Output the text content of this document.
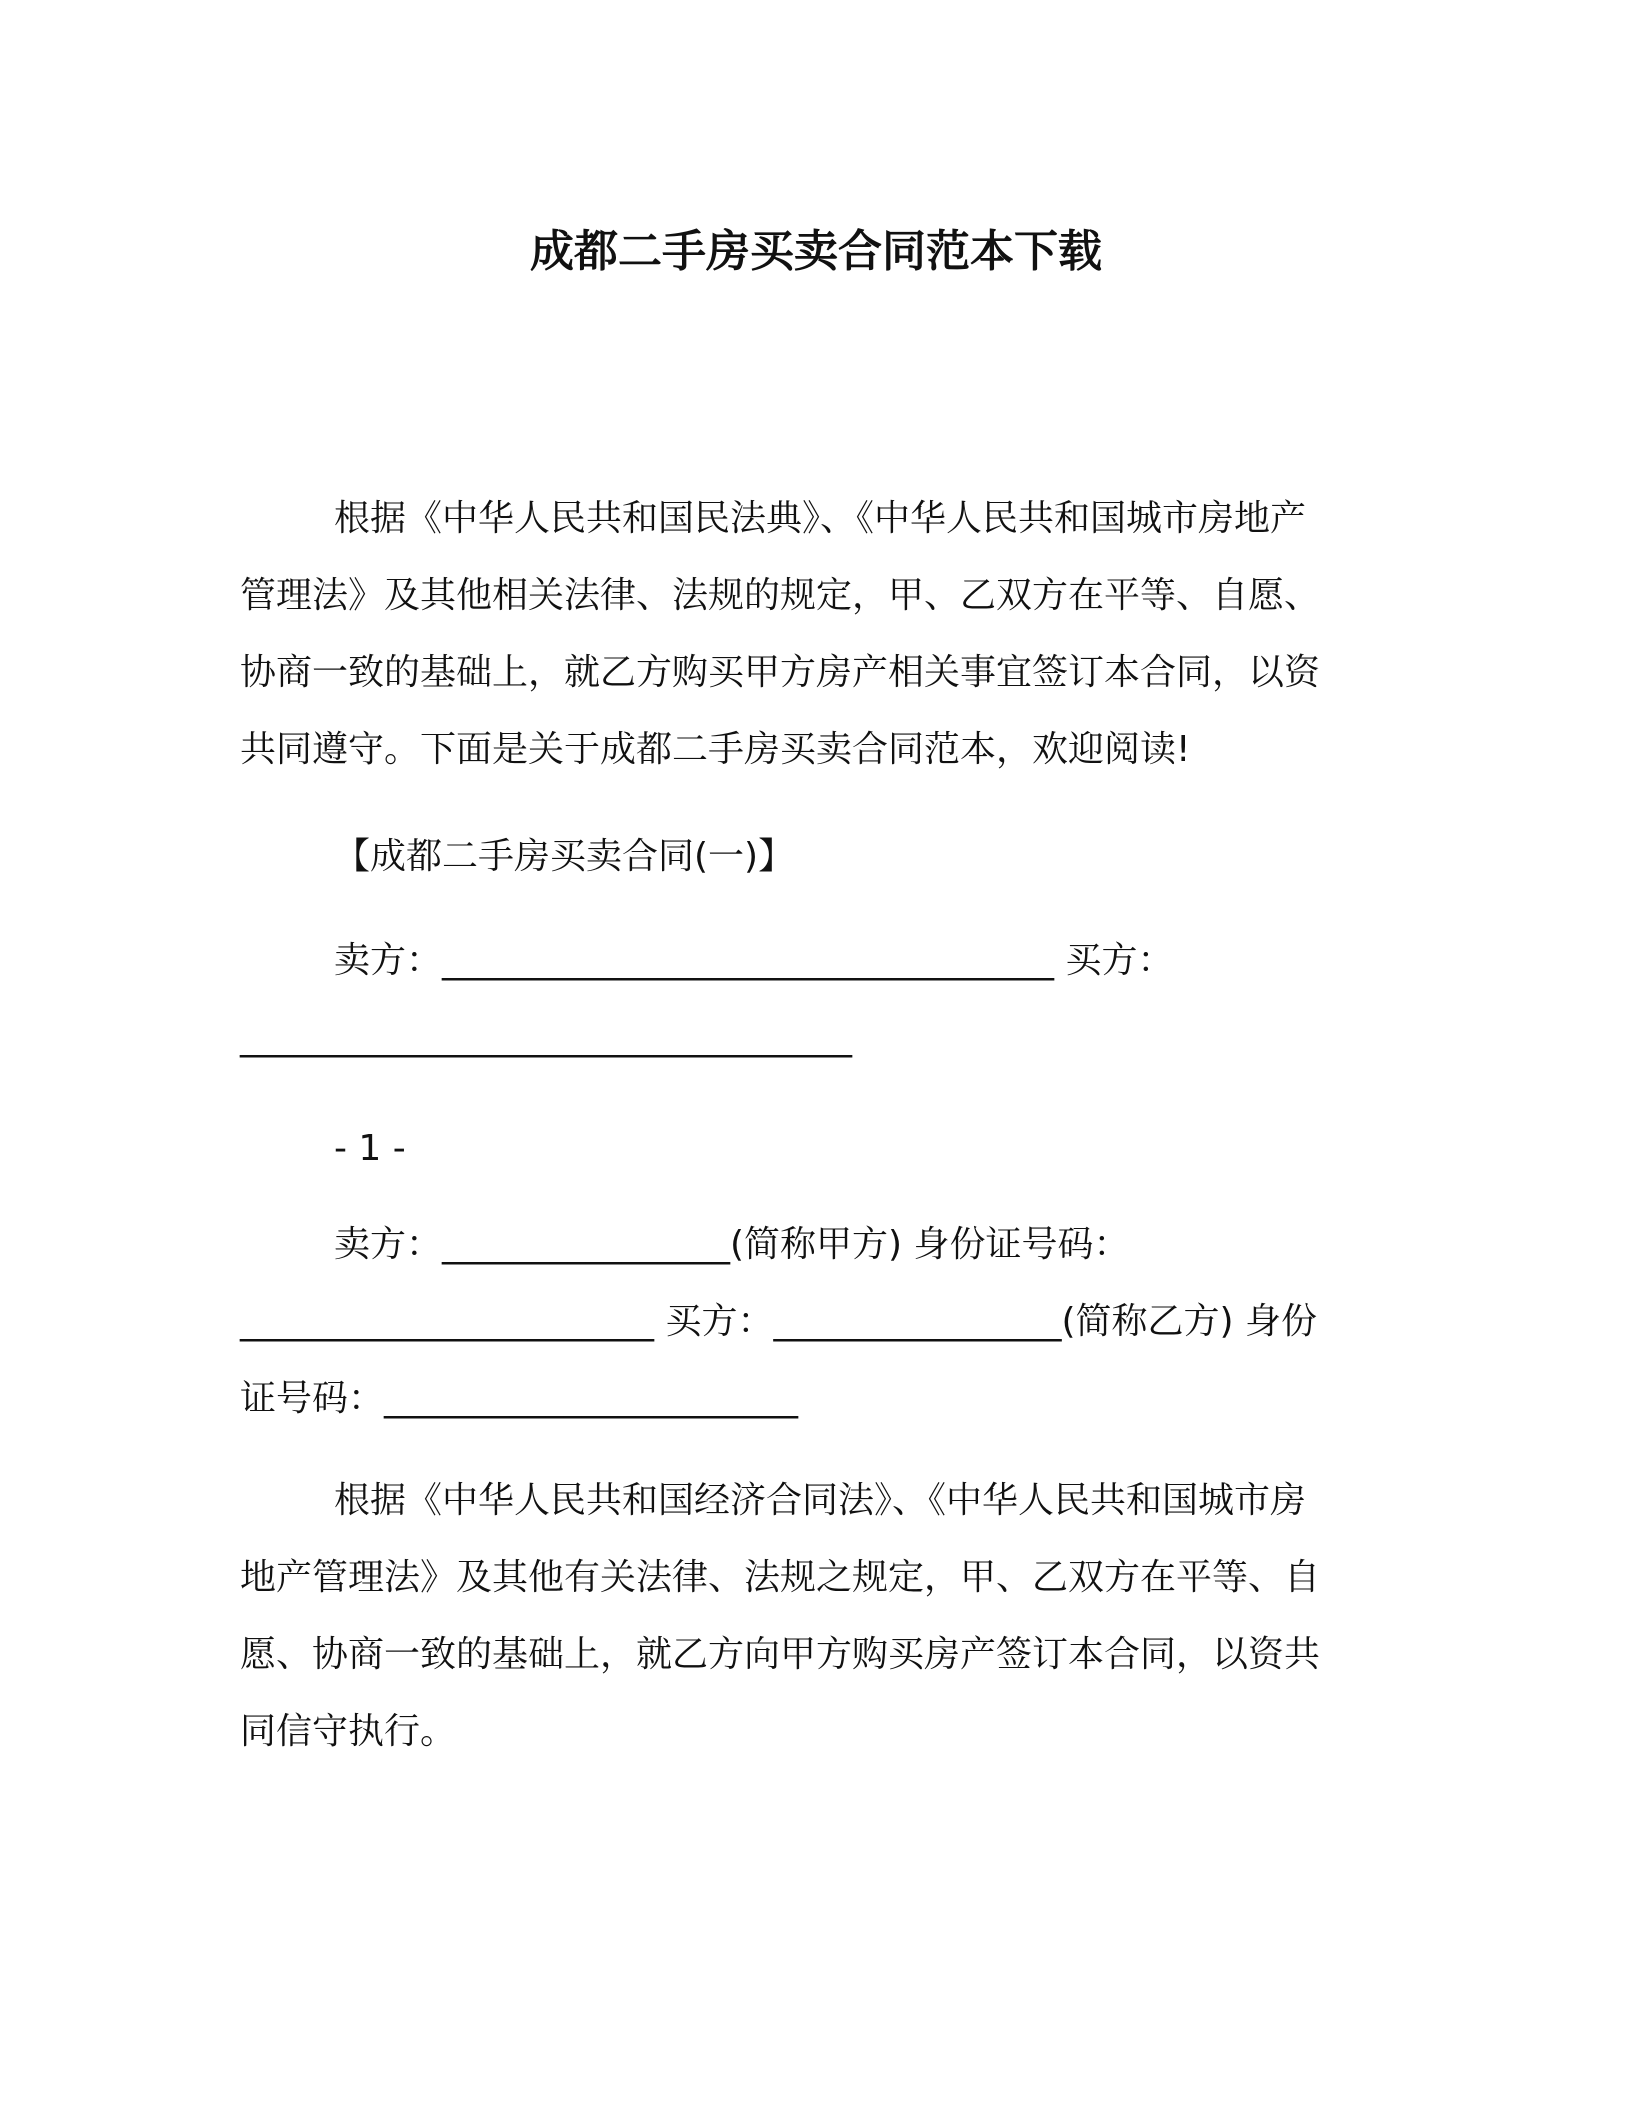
成都二手房买卖合同范本下载
根据《中华人民共和国民法典》、《中华人民共和国城市房地产
管理法》及其他相关法律、法规的规定，甲、乙双方在平等、自愿、
协商一致的基础上，就乙方购买甲方房产相关事宜签订本合同，以资
共同遵守。下面是关于成都二手房买卖合同范本，欢迎阅读!
【成都二手房买卖合同(一)】
卖方：__________________________________ 买方：
__________________________________
- 1 -
卖方：________________(简称甲方) 身份证号码：
_______________________ 买方：________________(简称乙方) 身份
证号码：_______________________
根据《中华人民共和国经济合同法》、《中华人民共和国城市房
地产管理法》及其他有关法律、法规之规定，甲、乙双方在平等、自
愿、协商一致的基础上，就乙方向甲方购买房产签订本合同，以资共
同信守执行。
